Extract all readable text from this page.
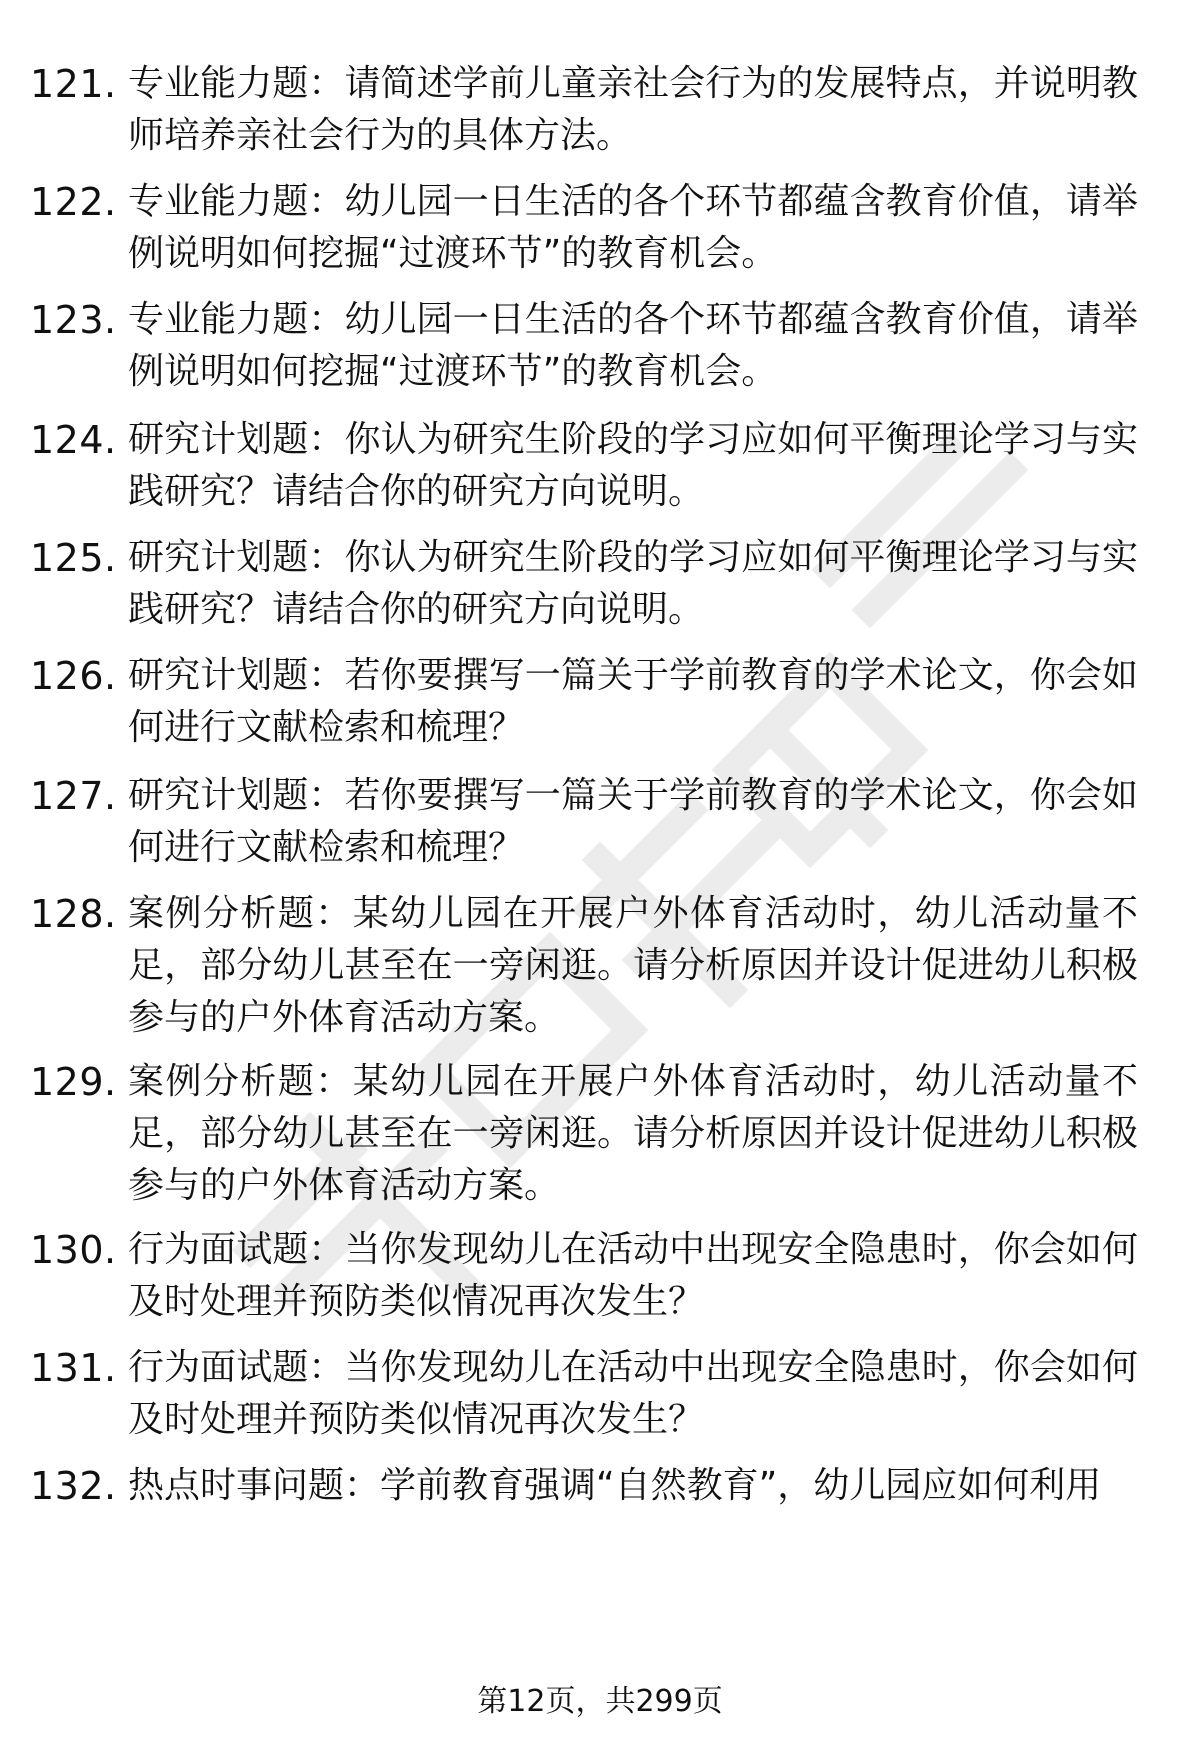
121. 专业能力题：请简述学前儿童亲社会行为的发展特点，并说明教师培养亲社会行为的具体方法。
122. 专业能力题：幼儿园一日生活的各个环节都蕴含教育价值，请举例说明如何挖掘“过渡环节”的教育机会。
123. 专业能力题：幼儿园一日生活的各个环节都蕴含教育价值，请举例说明如何挖掘“过渡环节”的教育机会。
124. 研究计划题：你认为研究生阶段的学习应如何平衡理论学习与实践研究？请结合你的研究方向说明。
125. 研究计划题：你认为研究生阶段的学习应如何平衡理论学习与实践研究？请结合你的研究方向说明。
126. 研究计划题：若你要撰写一篇关于学前教育的学术论文，你会如何进行文献检索和梳理？
127. 研究计划题：若你要撰写一篇关于学前教育的学术论文，你会如何进行文献检索和梳理？
128. 案例分析题：某幼儿园在开展户外体育活动时，幼儿活动量不足，部分幼儿甚至在一旁闲逛。请分析原因并设计促进幼儿积极参与的户外体育活动方案。
129. 案例分析题：某幼儿园在开展户外体育活动时，幼儿活动量不足，部分幼儿甚至在一旁闲逛。请分析原因并设计促进幼儿积极参与的户外体育活动方案。
130. 行为面试题：当你发现幼儿在活动中出现安全隐患时，你会如何及时处理并预防类似情况再次发生？
131. 行为面试题：当你发现幼儿在活动中出现安全隐患时，你会如何及时处理并预防类似情况再次发生？
132. 热点时事问题：学前教育强调“自然教育”，幼儿园应如何利用
第12页，共299页
